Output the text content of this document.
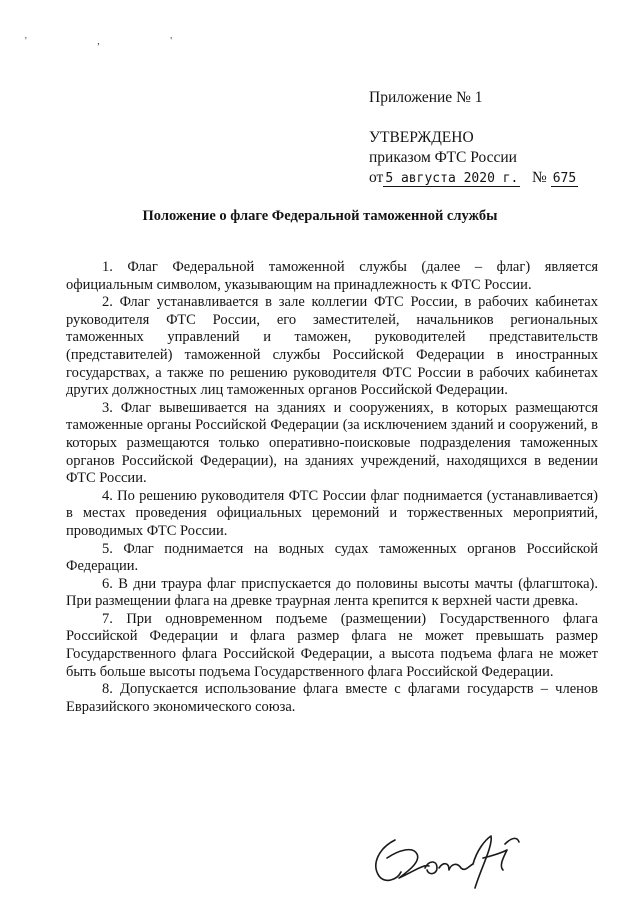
' , '
Приложение № 1
УТВЕРЖДЕНО
приказом ФТС России
от 5 августа 2020 г. № 675
Положение о флаге Федеральной таможенной службы

1. Флаг Федеральной таможенной службы (далее – флаг) является официальным символом, указывающим на принадлежность к ФТС России.

2. Флаг устанавливается в зале коллегии ФТС России, в рабочих кабинетах руководителя ФТС России, его заместителей, начальников региональных таможенных управлений и таможен, руководителей представительств (представителей) таможенной службы Российской Федерации в иностранных государствах, а также по решению руководителя ФТС России в рабочих кабинетах других должностных лиц таможенных органов Российской Федерации.

3. Флаг вывешивается на зданиях и сооружениях, в которых размещаются таможенные органы Российской Федерации (за исключением зданий и сооружений, в которых размещаются только оперативно-поисковые подразделения таможенных органов Российской Федерации), на зданиях учреждений, находящихся в ведении ФТС России.

4. По решению руководителя ФТС России флаг поднимается (устанавливается) в местах проведения официальных церемоний и торжественных мероприятий, проводимых ФТС России.

5. Флаг поднимается на водных судах таможенных органов Российской Федерации.

6. В дни траура флаг приспускается до половины высоты мачты (флагштока). При размещении флага на древке траурная лента крепится к верхней части древка.

7. При одновременном подъеме (размещении) Государственного флага Российской Федерации и флага размер флага не может превышать размер Государственного флага Российской Федерации, а высота подъема флага не может быть больше высоты подъема Государственного флага Российской Федерации.

8. Допускается использование флага вместе с флагами государств – членов Евразийского экономического союза.
